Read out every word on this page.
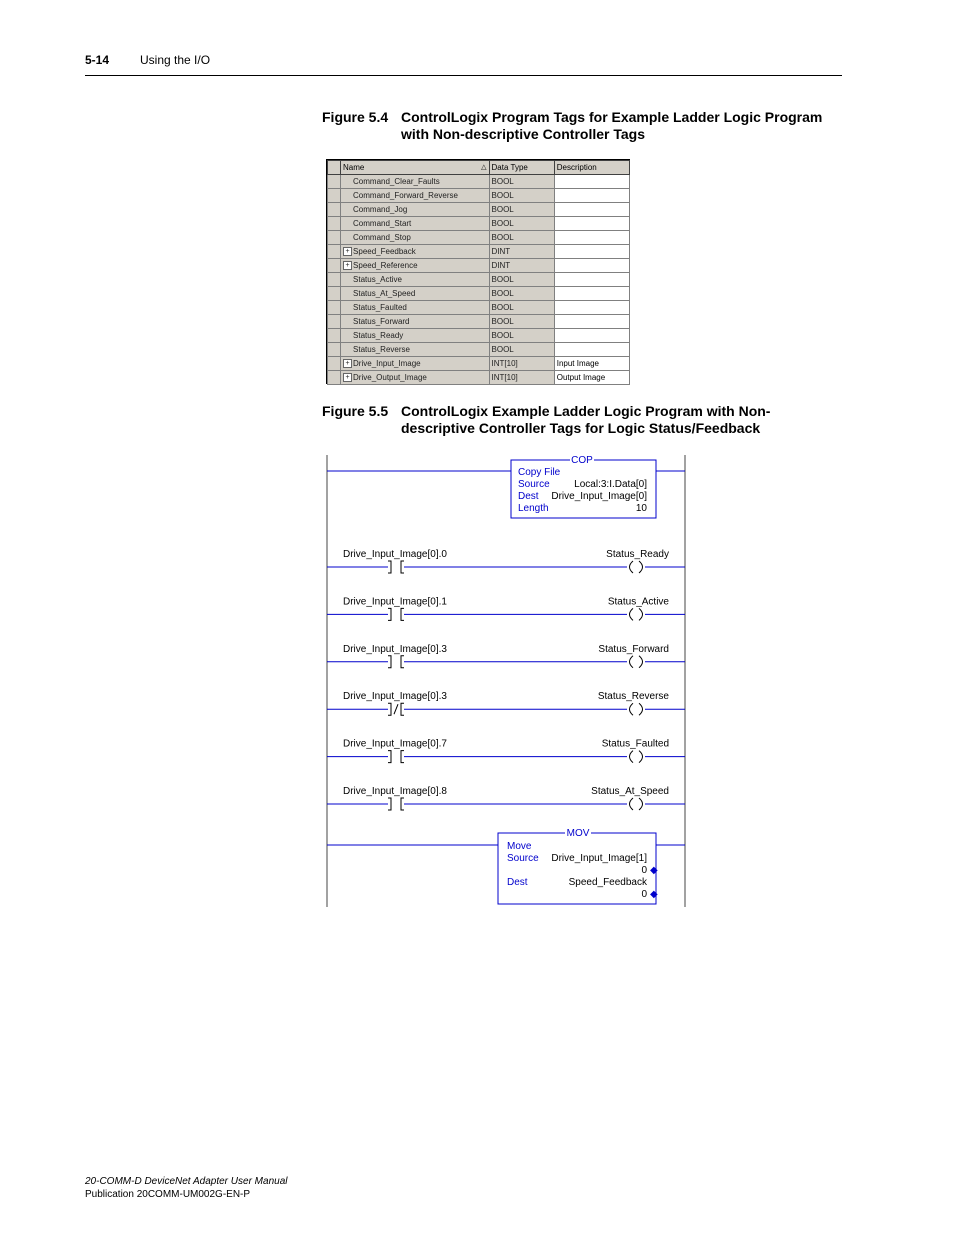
5-14	Using the I/O
Figure 5.4 ControlLogix Program Tags for Example Ladder Logic Program with Non-descriptive Controller Tags
	Name △	Data Type	Description
	Command_Clear_Faults	BOOL	
	Command_Forward_Reverse	BOOL	
	Command_Jog	BOOL	
	Command_Start	BOOL	
	Command_Stop	BOOL	
	+ Speed_Feedback	DINT	
	+ Speed_Reference	DINT	
	Status_Active	BOOL	
	Status_At_Speed	BOOL	
	Status_Faulted	BOOL	
	Status_Forward	BOOL	
	Status_Ready	BOOL	
	Status_Reverse	BOOL	
	+ Drive_Input_Image	INT[10]	Input Image
	+ Drive_Output_Image	INT[10]	Output Image
Figure 5.5 ControlLogix Example Ladder Logic Program with Non-descriptive Controller Tags for Logic Status/Feedback
COP
Copy File
Source Local:3:I.Data[0]
Dest Drive_Input_Image[0]
Length	10
Drive_Input_Image[0].0	Status_Ready
Drive_Input_Image[0].1	Status_Active
Drive_Input_Image[0].3	Status_Forward
Drive_Input_Image[0].3	Status_Reverse
Drive_Input_Image[0].7	Status_Faulted
Drive_Input_Image[0].8	Status_At_Speed
MOV
Move
Source Drive_Input_Image[1]
0 ◆
Dest	Speed_Feedback
0 ◆
20-COMM-D DeviceNet Adapter User Manual
Publication 20COMM-UM002G-EN-P
